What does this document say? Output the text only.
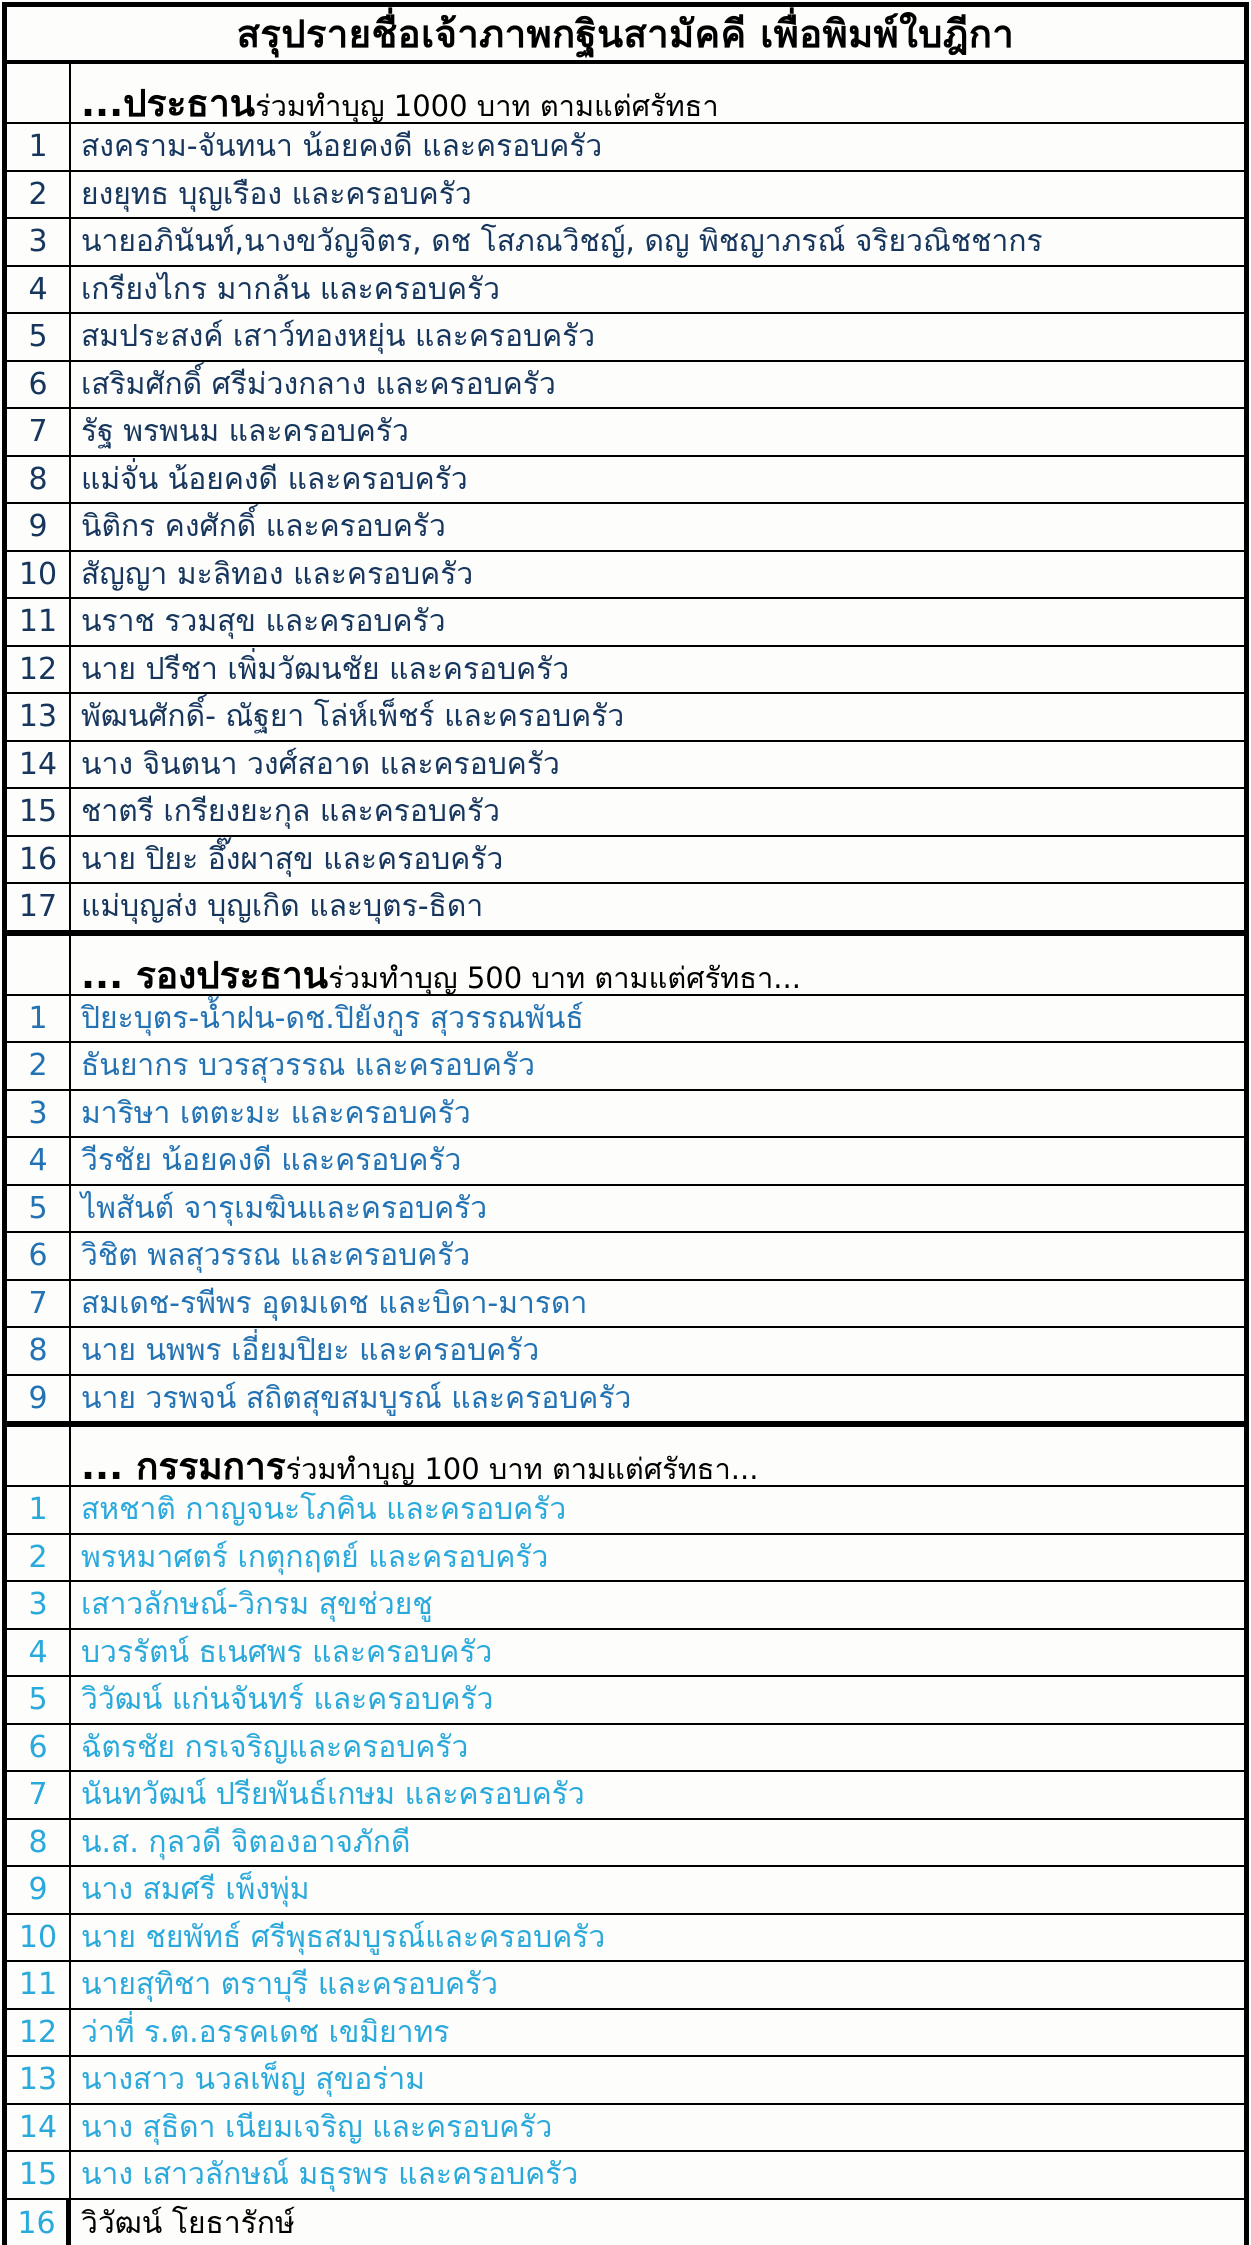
สรุปรายชื่อเจ้าภาพกฐินสามัคคี เพื่อพิมพ์ใบฎีกา
...ประธาน ร่วมทำบุญ 1000 บาท ตามแต่ศรัทธา
1	สงคราม-จันทนา น้อยคงดี และครอบครัว
2	ยงยุทธ บุญเรือง และครอบครัว
3	นายอภินันท์,นางขวัญจิตร, ดช โสภณวิชญ์, ดญ พิชญาภรณ์ จริยวณิชชากร
4	เกรียงไกร มากล้น และครอบครัว
5	สมประสงค์ เสาว์ทองหยุ่น และครอบครัว
6	เสริมศักดิ์ ศรีม่วงกลาง และครอบครัว
7	รัฐ พรพนม และครอบครัว
8	แม่จั่น น้อยคงดี และครอบครัว
9	นิติกร คงศักดิ์ และครอบครัว
10 สัญญา มะลิทอง และครอบครัว
11 นราช รวมสุข และครอบครัว
12 นาย ปรีชา เพิ่มวัฒนชัย และครอบครัว
13 พัฒนศักดิ์- ณัฐยา โล่ห์เพ็ชร์ และครอบครัว
14 นาง จินตนา วงศ์สอาด และครอบครัว
15 ชาตรี เกรียงยะกุล และครอบครัว
16 นาย ปิยะ อึ๊งผาสุข และครอบครัว
17 แม่บุญส่ง บุญเกิด และบุตร-ธิดา
... รองประธาน ร่วมทำบุญ 500 บาท ตามแต่ศรัทธา...
1	ปิยะบุตร-น้ำฝน-ดช.ปิยังกูร สุวรรณพันธ์
2	ธันยากร บวรสุวรรณ และครอบครัว
3	มาริษา เตตะมะ และครอบครัว
4	วีรชัย น้อยคงดี และครอบครัว
5	ไพสันต์ จารุเมฆินและครอบครัว
6	วิชิต พลสุวรรณ และครอบครัว
7	สมเดช-รพีพร อุดมเดช และบิดา-มารดา
8	นาย นพพร เอี่ยมปิยะ และครอบครัว
9	นาย วรพจน์ สถิตสุขสมบูรณ์ และครอบครัว
... กรรมการ ร่วมทำบุญ 100 บาท ตามแต่ศรัทธา...
1	สหชาติ กาญจนะโภคิน และครอบครัว
2	พรหมาศตร์ เกตุกฤตย์ และครอบครัว
3	เสาวลักษณ์-วิกรม สุขช่วยชู
4	บวรรัตน์ ธเนศพร และครอบครัว
5	วิวัฒน์ แก่นจันทร์ และครอบครัว
6	ฉัตรชัย กรเจริญและครอบครัว
7	นันทวัฒน์ ปรียพันธ์เกษม และครอบครัว
8	น.ส. กุลวดี จิตองอาจภักดี
9	นาง สมศรี เพ็งพุ่ม
10 นาย ชยพัทธ์ ศรีพุธสมบูรณ์และครอบครัว
11 นายสุทิชา ตราบุรี และครอบครัว
12 ว่าที่ ร.ต.อรรคเดช เขมิยาทร
13 นางสาว นวลเพ็ญ สุขอร่าม
14 นาง สุธิดา เนียมเจริญ และครอบครัว
15 นาง เสาวลักษณ์ มธุรพร และครอบครัว
16 วิวัฒน์ โยธารักษ์
